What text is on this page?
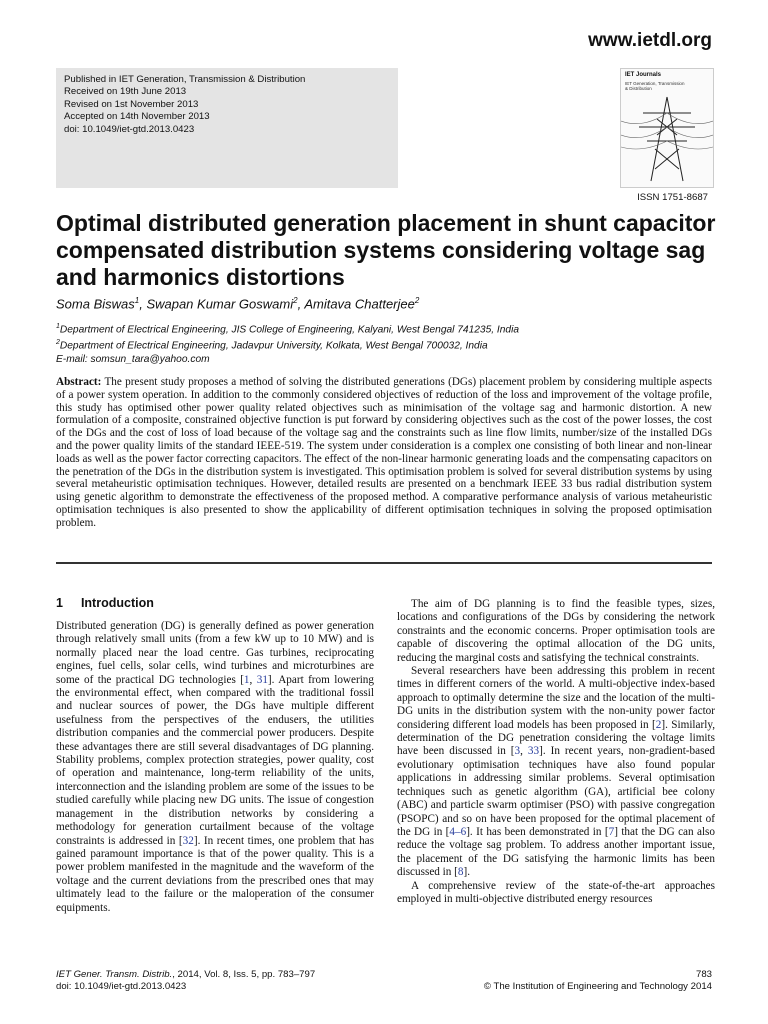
www.ietdl.org
Published in IET Generation, Transmission & Distribution
Received on 19th June 2013
Revised on 1st November 2013
Accepted on 14th November 2013
doi: 10.1049/iet-gtd.2013.0423
IET Journals
IET Generation, Transmission & Distribution
ISSN 1751-8687
Optimal distributed generation placement in shunt capacitor compensated distribution systems considering voltage sag and harmonics distortions
Soma Biswas$^1$, Swapan Kumar Goswami$^2$, Amitava Chatterjee$^2$
$^1$Department of Electrical Engineering, JIS College of Engineering, Kalyani, West Bengal 741235, India
$^2$Department of Electrical Engineering, Jadavpur University, Kolkata, West Bengal 700032, India
E-mail: somsun_tara@yahoo.com

Abstract: The present study proposes a method of solving the distributed generations (DGs) placement problem by considering multiple aspects of a power system operation. In addition to the commonly considered objectives of reduction of the loss and improvement of the voltage profile, this study has optimised other power quality related objectives such as minimisation of the voltage sag and harmonic distortion. A new formulation of a composite, constrained objective function is put forward by considering objectives such as the cost of the power losses, the cost of the DGs and the cost of loss of load because of the voltage sag and the constraints such as line flow limits, number/size of the installed DGs and the power quality limits of the standard IEEE-519. The system under consideration is a complex one consisting of both linear and non-linear loads as well as the power factor correcting capacitors. The effect of the non-linear harmonic generating loads and the compensating capacitors on the penetration of the DGs in the distribution system is investigated. This optimisation problem is solved for several distribution systems by using several metaheuristic optimisation techniques. However, detailed results are presented on a benchmark IEEE 33 bus radial distribution system using genetic algorithm to demonstrate the effectiveness of the proposed method. A comparative performance analysis of various metaheuristic optimisation techniques is also presented to show the applicability of different optimisation techniques in solving the proposed optimisation problem.

1 Introduction

Distributed generation (DG) is generally defined as power generation through relatively small units (from a few kW up to 10 MW) and is normally placed near the load centre. Gas turbines, reciprocating engines, fuel cells, solar cells, wind turbines and microturbines are some of the practical DG technologies [1, 31]. Apart from lowering the environmental effect, when compared with the traditional fossil and nuclear sources of power, the DGs have multiple different usefulness from the perspectives of the endusers, the utilities distribution companies and the commercial power producers. Despite these advantages there are still several disadvantages of DG planning. Stability problems, complex protection strategies, power quality, cost of operation and maintenance, long-term reliability of the units, interconnection and the islanding problem are some of the issues to be studied carefully while placing new DG units. The issue of congestion management in the distribution networks by considering a methodology for generation curtailment because of the voltage constraints is addressed in [32]. In recent times, one problem that has gained paramount importance is that of the power quality. This is a power problem manifested in the magnitude and the waveform of the voltage and the current deviations from the prescribed ones that may ultimately lead to the failure or the maloperation of the consumer equipments.

The aim of DG planning is to find the feasible types, sizes, locations and configurations of the DGs by considering the network constraints and the economic concerns. Proper optimisation tools are capable of discovering the optimal allocation of the DG units, reducing the marginal costs and satisfying the technical constraints.

Several researchers have been addressing this problem in recent times in different corners of the world. A multi-objective index-based approach to optimally determine the size and the location of the multi-DG units in the distribution system with the non-unity power factor considering different load models has been proposed in [2]. Similarly, determination of the DG penetration considering the voltage limits have been discussed in [3, 33]. In recent years, non-gradient-based evolutionary optimisation techniques have also found popular applications in addressing similar problems. Several optimisation techniques such as genetic algorithm (GA), artificial bee colony (ABC) and particle swarm optimiser (PSO) with passive congregation (PSOPC) and so on have been proposed for the optimal placement of the DG in [4–6]. It has been demonstrated in [7] that the DG can also reduce the voltage sag problem. To address another important issue, the placement of the DG satisfying the harmonic limits has been discussed in [8].

A comprehensive review of the state-of-the-art approaches employed in multi-objective distributed energy resources

IET Gener. Transm. Distrib., 2014, Vol. 8, Iss. 5, pp. 783–797
doi: 10.1049/iet-gtd.2013.0423
783
© The Institution of Engineering and Technology 2014
